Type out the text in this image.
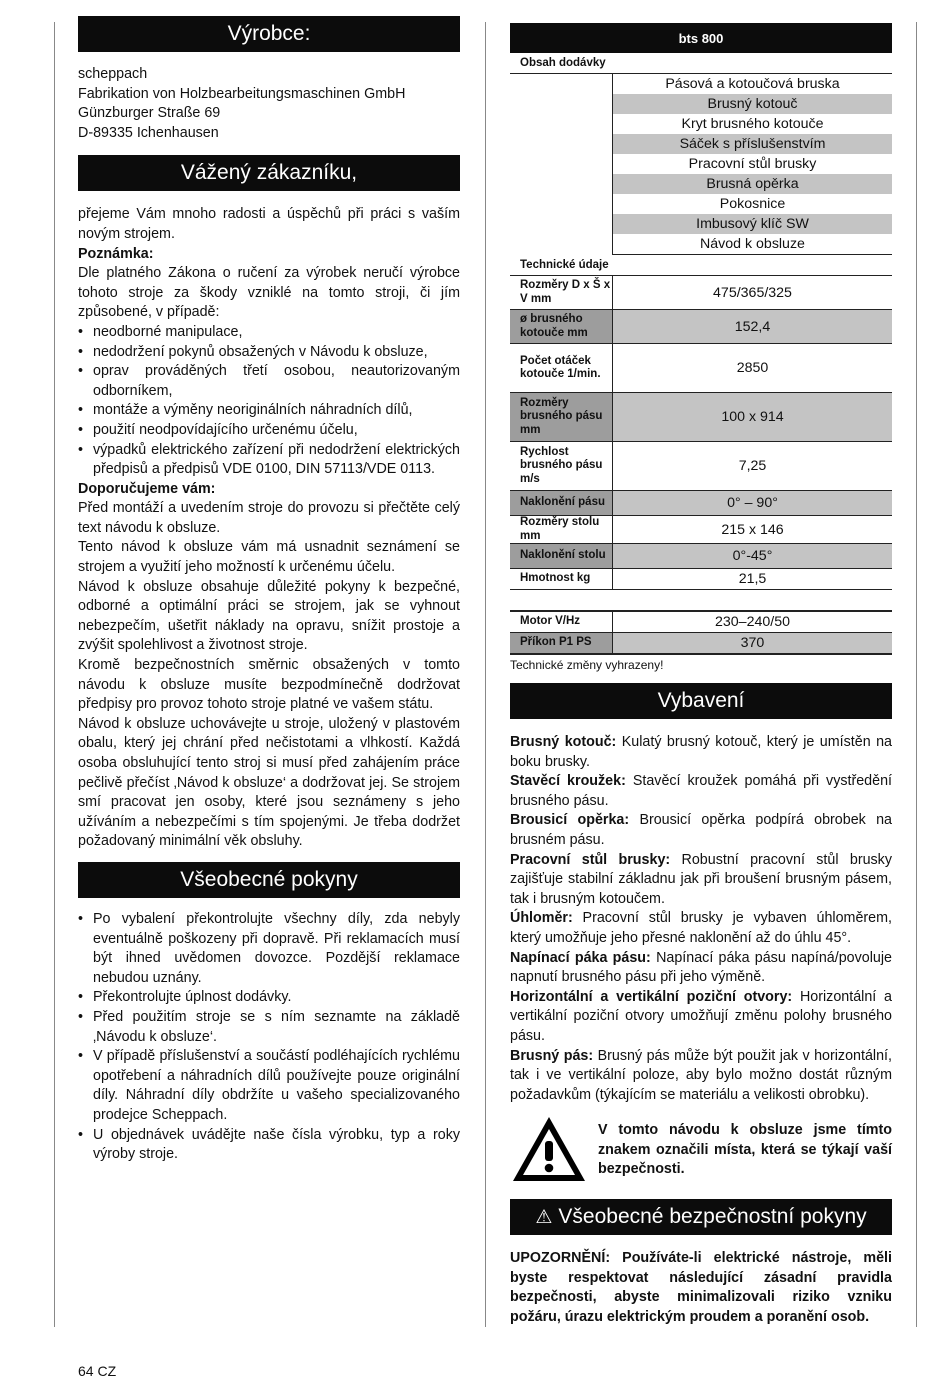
Výrobce:

scheppach

Fabrikation von Holzbearbeitungsmaschinen GmbH

Günzburger Straße 69

D-89335 Ichenhausen

Vážený zákazníku,

přejeme Vám mnoho radosti a úspěchů při práci s vaším novým strojem.

Poznámka:

Dle platného Zákona o ručení za výrobek neručí výrobce tohoto stroje za škody vzniklé na tomto stroji, či jím způsobené, v případě:

• neodborné manipulace,
• nedodržení pokynů obsažených v Návodu k obsluze,
• oprav prováděných třetí osobou, neautorizovaným odborníkem,
• montáže a výměny neoriginálních náhradních dílů,
• použití neodpovídajícího určenému účelu,
• výpadků elektrického zařízení při nedodržení elektrických předpisů a předpisů VDE 0100, DIN 57113/VDE 0113.

Doporučujeme vám:

Před montáží a uvedením stroje do provozu si přečtěte celý text návodu k obsluze.

Tento návod k obsluze vám má usnadnit seznámení se strojem a využití jeho možností k určenému účelu.

Návod k obsluze obsahuje důležité pokyny k bezpečné, odborné a optimální práci se strojem, jak se vyhnout nebezpečím, ušetřit náklady na opravu, snížit prostoje a zvýšit spolehlivost a životnost stroje.

Kromě bezpečnostních směrnic obsažených v tomto návodu k obsluze musíte bezpodmínečně dodržovat předpisy pro provoz tohoto stroje platné ve vašem státu.

Návod k obsluze uchovávejte u stroje, uložený v plastovém obalu, který jej chrání před nečistotami a vlhkostí. Každá osoba obsluhující tento stroj si musí před zahájením práce pečlivě přečíst ‚Návod k obsluze‘ a dodržovat jej. Se strojem smí pracovat jen osoby, které jsou seznámeny s jeho užíváním a nebezpečími s tím spojenými. Je třeba dodržet požadovaný minimální věk obsluhy.

Všeobecné pokyny
• Po vybalení překontrolujte všechny díly, zda nebyly eventuálně poškozeny při dopravě. Při reklamacích musí být ihned uvědomen dovozce. Pozdější reklamace nebudou uznány.
• Překontrolujte úplnost dodávky.
• Před použitím stroje se s ním seznamte na základě ‚Návodu k obsluze‘.
• V případě příslušenství a součástí podléhajících rychlému opotřebení a náhradních dílů používejte pouze originální díly. Náhradní díly obdržíte u vašeho specializovaného prodejce Scheppach.
• U objednávek uvádějte naše čísla výrobku, typ a roky výroby stroje.
bts 800	
Obsah dodávky	
	Pásová a kotoučová bruska
	Brusný kotouč
	Kryt brusného kotouče
	Sáček s příslušenstvím
	Pracovní stůl brusky
	Brusná opěrka
	Pokosnice
	Imbusový klíč SW
	Návod k obsluze
Technické údaje	
Rozměry D x Š x V mm	475/365/325
ø brusného kotouče mm	152,4
Počet otáček kotouče 1/min.	2850
Rozměry brusného pásu mm	100 x 914
Rychlost brusného pásu m/s	7,25
Naklonění pásu	0° – 90°
Rozměry stolu mm	215 x 146
Naklonění stolu	0°-45°
Hmotnost kg	21,5

Motor V/Hz	230–240/50
Příkon P1 PS	370
Technické změny vyhrazeny!
Vybavení

Brusný kotouč: Kulatý brusný kotouč, který je umístěn na boku brusky.

Stavěcí kroužek: Stavěcí kroužek pomáhá při vystředění brusného pásu.

Brousicí opěrka: Brousicí opěrka podpírá obrobek na brusném pásu.

Pracovní stůl brusky: Robustní pracovní stůl brusky zajišťuje stabilní základnu jak při broušení brusným pásem, tak i brusným kotoučem.

Úhloměr: Pracovní stůl brusky je vybaven úhloměrem, který umožňuje jeho přesné naklonění až do úhlu 45°.

Napínací páka pásu: Napínací páka pásu napíná/povoluje napnutí brusného pásu při jeho výměně.

Horizontální a vertikální poziční otvory: Horizontální a vertikální poziční otvory umožňují změnu polohy brusného pásu.

Brusný pás: Brusný pás může být použit jak v horizontální, tak i ve vertikální poloze, aby bylo možno dostát různým požadavkům (týkajícím se materiálu a velikosti obrobku).

V tomto návodu k obsluze jsme tímto znakem označili místa, která se týkají vaší bezpečnosti.
⚠ Všeobecné bezpečnostní pokyny

UPOZORNĚNÍ: Používáte-li elektrické nástroje, měli byste respektovat následující zásadní pravidla bezpečnosti, abyste minimalizovali riziko vzniku požáru, úrazu elektrickým proudem a poranění osob.

64 CZ
